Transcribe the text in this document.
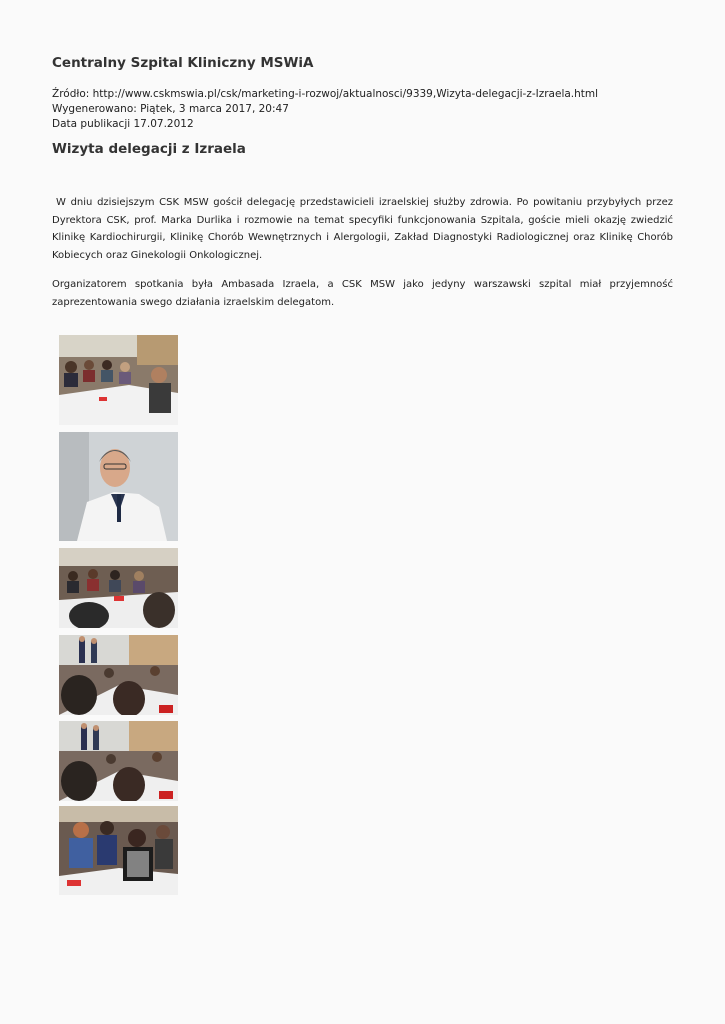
Centralny Szpital Kliniczny MSWiA
Źródło: http://www.cskmswia.pl/csk/marketing-i-rozwoj/aktualnosci/9339,Wizyta-delegacji-z-Izraela.html
Wygenerowano: Piątek, 3 marca 2017, 20:47
Data publikacji 17.07.2012
Wizyta delegacji z Izraela

W dniu dzisiejszym CSK MSW gościł delegację przedstawicieli izraelskiej służby zdrowia. Po powitaniu przybyłych przez Dyrektora CSK, prof. Marka Durlika i rozmowie na temat specyfiki funkcjonowania Szpitala, goście mieli okazję zwiedzić Klinikę Kardiochirurgii, Klinikę Chorób Wewnętrznych i Alergologii, Zakład Diagnostyki Radiologicznej oraz Klinikę Chorób Kobiecych oraz Ginekologii Onkologicznej.

Organizatorem spotkania była Ambasada Izraela, a CSK MSW jako jedyny warszawski szpital miał przyjemność zaprezentowania swego działania izraelskim delegatom.
